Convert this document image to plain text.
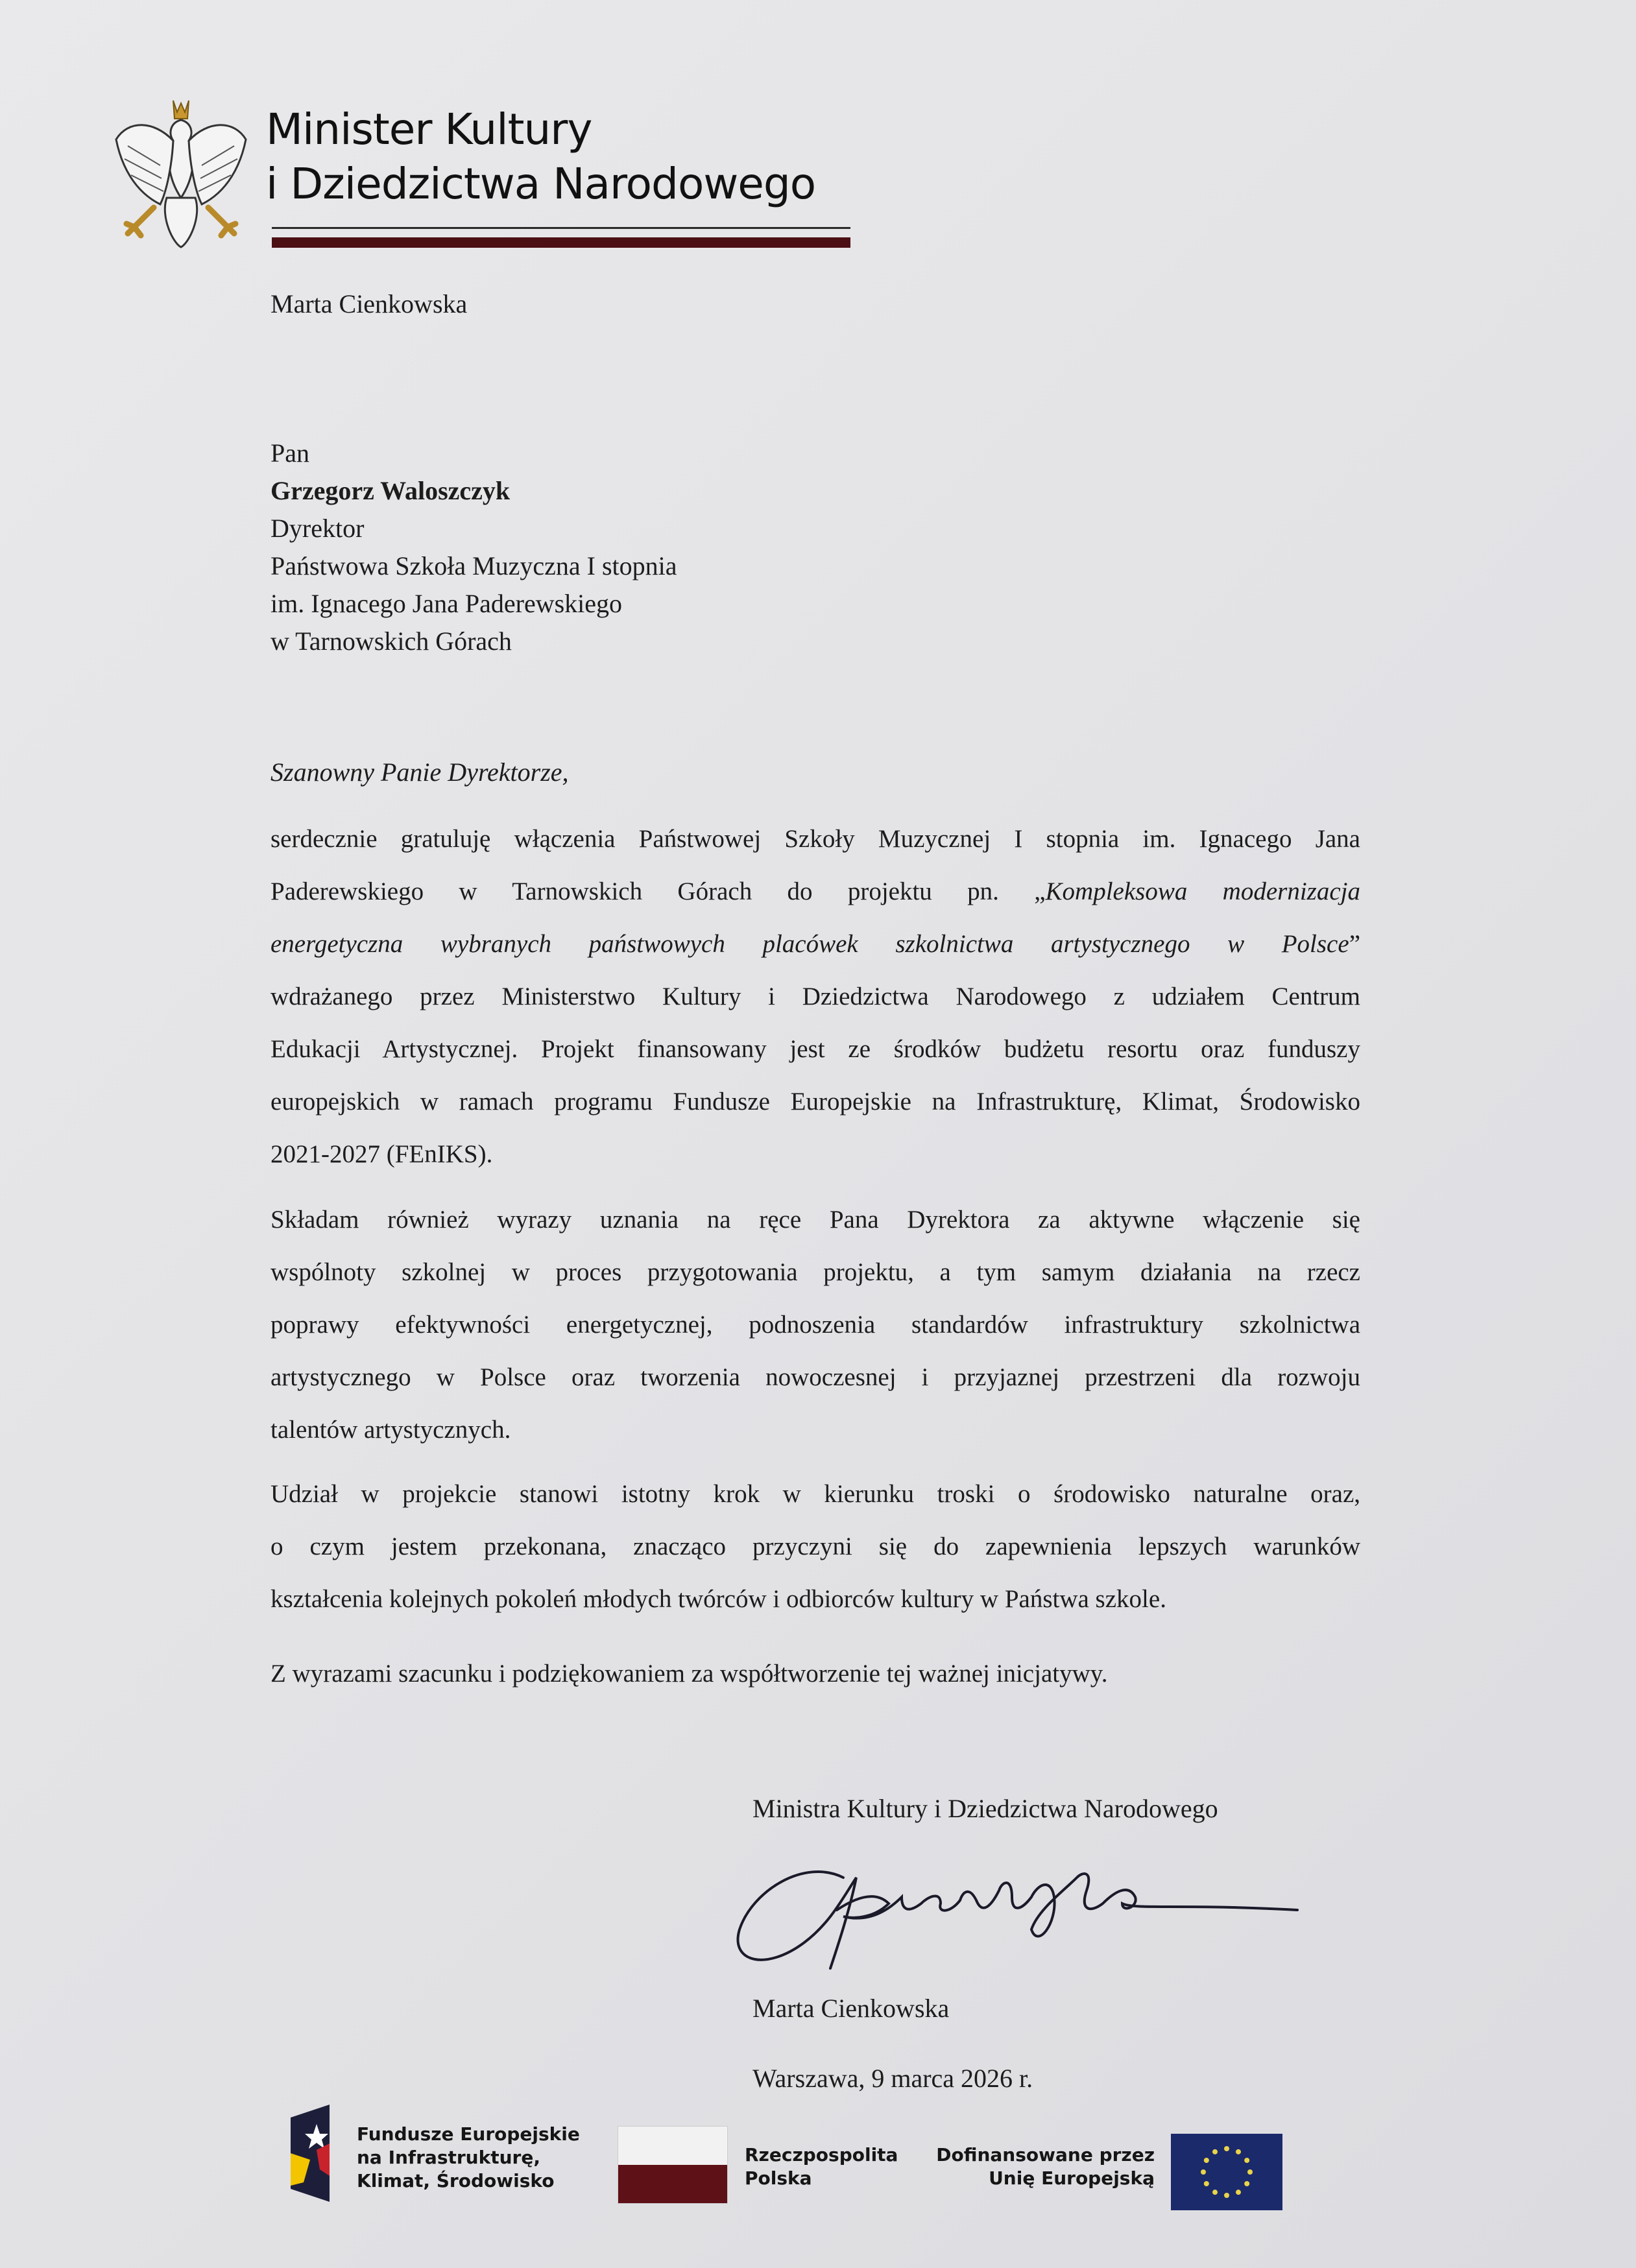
Minister Kultury
i Dziedzictwa Narodowego
Marta Cienkowska
Pan
Grzegorz Waloszczyk
Dyrektor
Państwowa Szkoła Muzyczna I stopnia
im. Ignacego Jana Paderewskiego
w Tarnowskich Górach
Szanowny Panie Dyrektorze,
serdecznie gratuluję włączenia Państwowej Szkoły Muzycznej I stopnia im. Ignacego Jana
Paderewskiego w Tarnowskich Górach do projektu pn. „Kompleksowa modernizacja
energetyczna wybranych państwowych placówek szkolnictwa artystycznego w Polsce”
wdrażanego przez Ministerstwo Kultury i Dziedzictwa Narodowego z udziałem Centrum
Edukacji Artystycznej. Projekt finansowany jest ze środków budżetu resortu oraz funduszy
europejskich w ramach programu Fundusze Europejskie na Infrastrukturę, Klimat, Środowisko
2021-2027 (FEnIKS).
Składam również wyrazy uznania na ręce Pana Dyrektora za aktywne włączenie się
wspólnoty szkolnej w proces przygotowania projektu, a tym samym działania na rzecz
poprawy efektywności energetycznej, podnoszenia standardów infrastruktury szkolnictwa
artystycznego w Polsce oraz tworzenia nowoczesnej i przyjaznej przestrzeni dla rozwoju
talentów artystycznych.
Udział w projekcie stanowi istotny krok w kierunku troski o środowisko naturalne oraz,
o czym jestem przekonana, znacząco przyczyni się do zapewnienia lepszych warunków
kształcenia kolejnych pokoleń młodych twórców i odbiorców kultury w Państwa szkole.
Z wyrazami szacunku i podziękowaniem za współtworzenie tej ważnej inicjatywy.
Ministra Kultury i Dziedzictwa Narodowego
Marta Cienkowska
Warszawa, 9 marca 2026 r.
Fundusze Europejskie
na Infrastrukturę,
Klimat, Środowisko
Rzeczpospolita
Polska
Dofinansowane przez
Unię Europejską
